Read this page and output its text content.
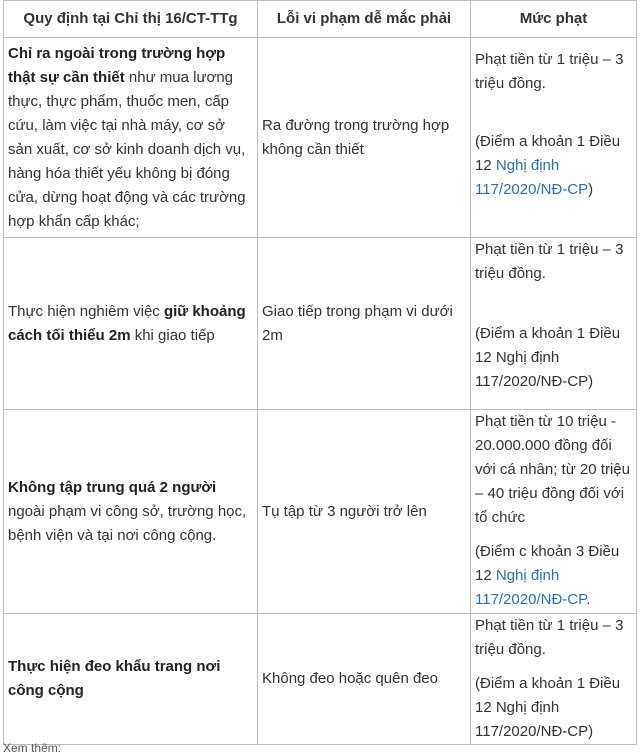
Quy định tại Chỉ thị 16/CT-TTg	Lỗi vi phạm dễ mắc phải	Mức phạt
Chỉ ra ngoài trong trường hợp thật sự cần thiết như mua lương thực, thực phẩm, thuốc men, cấp cứu, làm việc tại nhà máy, cơ sở sản xuất, cơ sở kinh doanh dịch vụ, hàng hóa thiết yếu không bị đóng cửa, dừng hoạt động và các trường hợp khẩn cấp khác;	Ra đường trong trường hợp không cần thiết	Phạt tiền từ 1 triệu – 3 triệu đồng.
(Điểm a khoản 1 Điều 12 Nghị định 117/2020/NĐ-CP)

Thực hiện nghiêm việc giữ khoảng cách tối thiểu 2m khi giao tiếp	Giao tiếp trong phạm vi dưới 2m	Phạt tiền từ 1 triệu – 3 triệu đồng.
(Điểm a khoản 1 Điều 12 Nghị định 117/2020/NĐ-CP)

Không tập trung quá 2 người ngoài phạm vi công sở, trường học, bệnh viện và tại nơi công cộng.	Tụ tập từ 3 người trở lên	Phạt tiền từ 10 triệu - 20.000.000 đồng đối với cá nhân; từ 20 triệu – 40 triệu đồng đối với tổ chức
(Điểm c khoản 3 Điều 12 Nghị định 117/2020/NĐ-CP.

Thực hiện đeo khẩu trang nơi công cộng	Không đeo hoặc quên đeo	Phạt tiền từ 1 triệu – 3 triệu đồng.
(Điểm a khoản 1 Điều 12 Nghị định 117/2020/NĐ-CP)
Xem thêm:
